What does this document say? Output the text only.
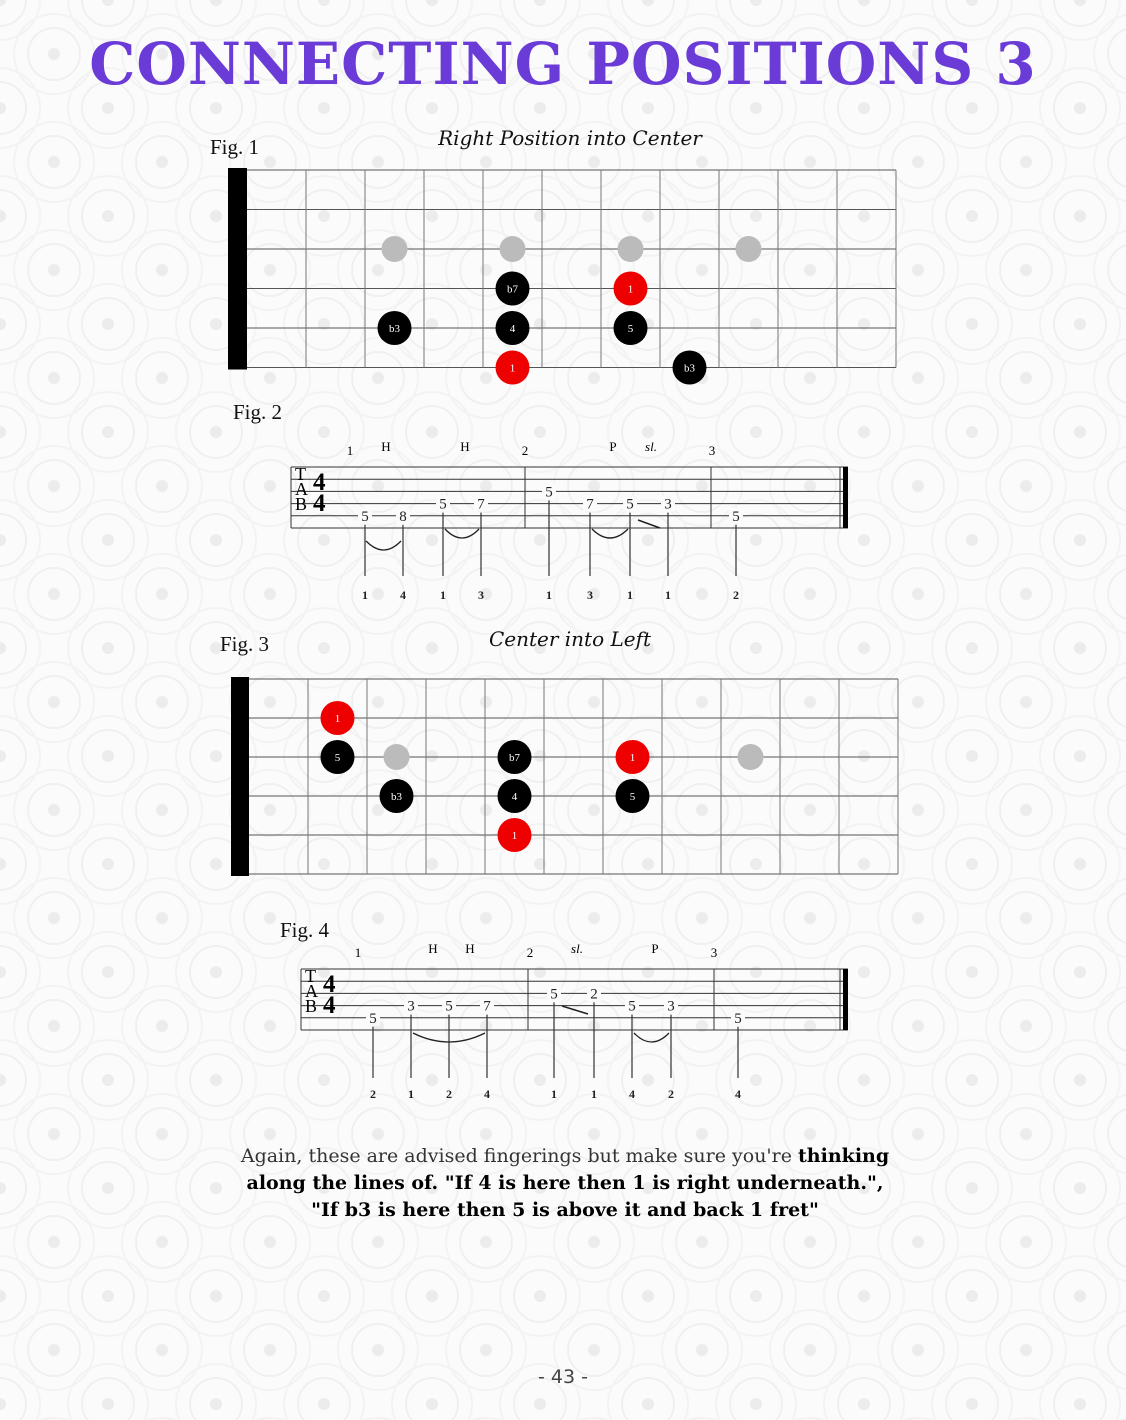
CONNECTING POSITIONS 3
Fig. 1	Right Position into Center
b3
b7
4
1
1
5
b3
Fig. 2
T
A
B
4
4
1	2	3
H	H	P sl.
5
1
8
4
5
1
7
3
5
1
7
3
5
1
3
1
5
2
Fig. 3	Center into Left
1
5
b3
b7
4
1
1
5
Fig. 4
T
A
B
4
4
1	2	3
H H	sl.	P
5
2
3
1
5
2
7
4
5
1
2
1
5
4
3
2
5
4
Again, these are advised fingerings but make sure you're thinking along the lines of. "If 4 is here then 1 is right underneath.", "If b3 is here then 5 is above it and back 1 fret"
- 43 -
